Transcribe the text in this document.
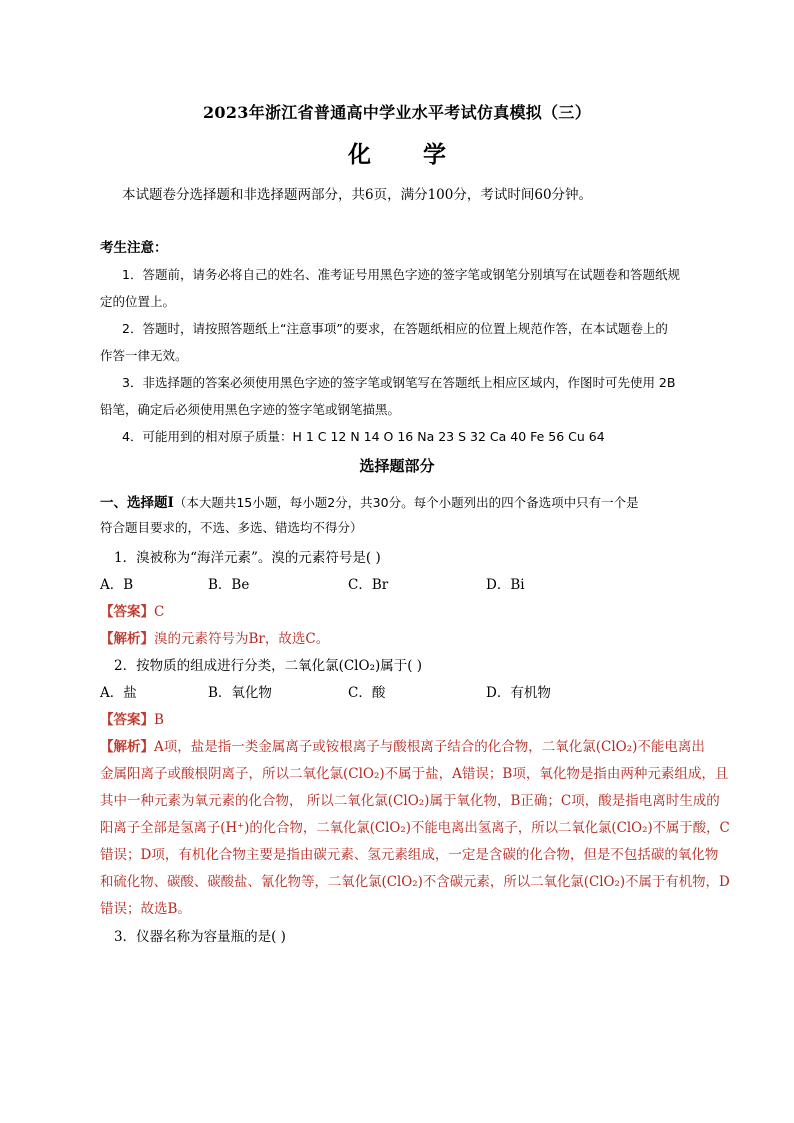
2023年浙江省普通高中学业水平考试仿真模拟（三）
化 学
本试题卷分选择题和非选择题两部分，共6页，满分100分，考试时间60分钟。
考生注意：
1．答题前，请务必将自己的姓名、准考证号用黑色字迹的签字笔或钢笔分别填写在试题卷和答题纸规
定的位置上。
2．答题时，请按照答题纸上“注意事项”的要求，在答题纸相应的位置上规范作答，在本试题卷上的
作答一律无效。
3．非选择题的答案必须使用黑色字迹的签字笔或钢笔写在答题纸上相应区域内，作图时可先使用 2B
铅笔，确定后必须使用黑色字迹的签字笔或钢笔描黑。
4．可能用到的相对原子质量：H 1 C 12 N 14 O 16 Na 23 S 32 Ca 40 Fe 56 Cu 64
选择题部分
一、选择题Ⅰ（本大题共15小题，每小题2分，共30分。每个小题列出的四个备选项中只有一个是
符合题目要求的，不选、多选、错选均不得分）
1．溴被称为“海洋元素”。溴的元素符号是( )
A．B	B．Be	C．Br	D．Bi
【答案】C
【解析】溴的元素符号为Br，故选C。
2．按物质的组成进行分类，二氧化氯(ClO₂)属于( )
A．盐	B．氧化物	C．酸	D．有机物
【答案】B
【解析】A项，盐是指一类金属离子或铵根离子与酸根离子结合的化合物，二氧化氯(ClO₂)不能电离出
金属阳离子或酸根阴离子，所以二氧化氯(ClO₂)不属于盐，A错误；B项，氧化物是指由两种元素组成，且
其中一种元素为氧元素的化合物， 所以二氧化氯(ClO₂)属于氧化物，B正确；C项，酸是指电离时生成的
阳离子全部是氢离子(H⁺)的化合物，二氧化氯(ClO₂)不能电离出氢离子，所以二氧化氯(ClO₂)不属于酸，C
错误；D项，有机化合物主要是指由碳元素、氢元素组成，一定是含碳的化合物，但是不包括碳的氧化物
和硫化物、碳酸、碳酸盐、氰化物等，二氧化氯(ClO₂)不含碳元素，所以二氧化氯(ClO₂)不属于有机物，D
错误；故选B。
3．仪器名称为容量瓶的是( )
